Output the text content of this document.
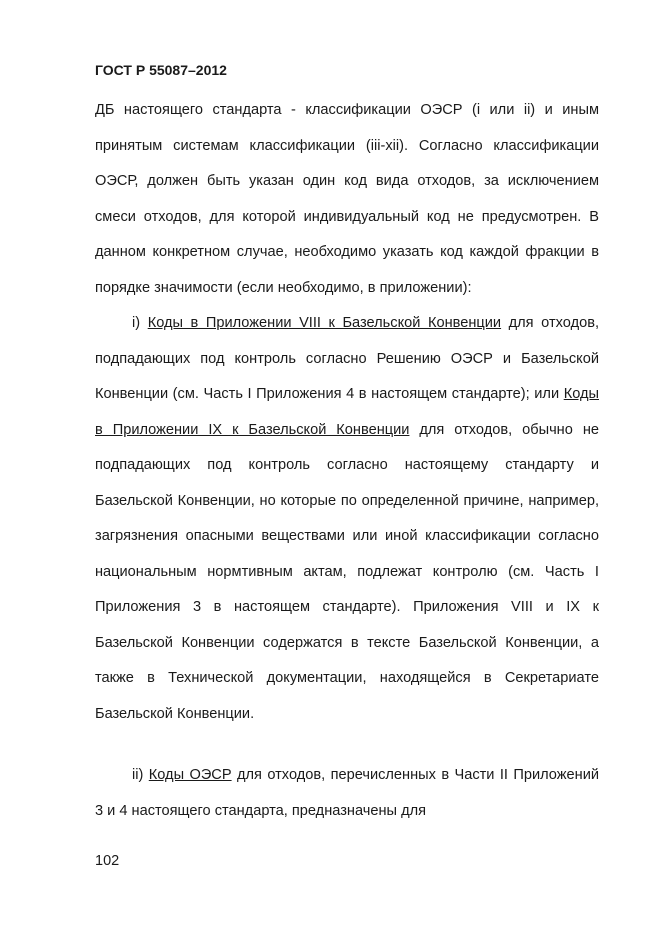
ГОСТ Р 55087–2012

ДБ настоящего стандарта - классификации ОЭСР (i или ii) и иным принятым системам классификации (iii-xii). Согласно классификации ОЭСР, должен быть указан один код вида отходов, за исключением смеси отходов, для которой индивидуальный код не предусмотрен. В данном конкретном случае, необходимо указать код каждой фракции в порядке значимости (если необходимо, в приложении):

i) Коды в Приложении VIII к Базельской Конвенции для отходов, подпадающих под контроль согласно Решению ОЭСР и Базельской Конвенции (см. Часть I Приложения 4 в настоящем стандарте); или Коды в Приложении IX к Базельской Конвенции для отходов, обычно не подпадающих под контроль согласно настоящему стандарту и Базельской Конвенции, но которые по определенной причине, например, загрязнения опасными веществами или иной классификации согласно национальным нормтивным актам, подлежат контролю (см. Часть I Приложения 3 в настоящем стандарте). Приложения VIII и IX к Базельской Конвенции содержатся в тексте Базельской Конвенции, а также в Технической документации, находящейся в Секретариате Базельской Конвенции.

ii) Коды ОЭСР для отходов, перечисленных в Части II Приложений 3 и 4 настоящего стандарта, предназначены для

102
